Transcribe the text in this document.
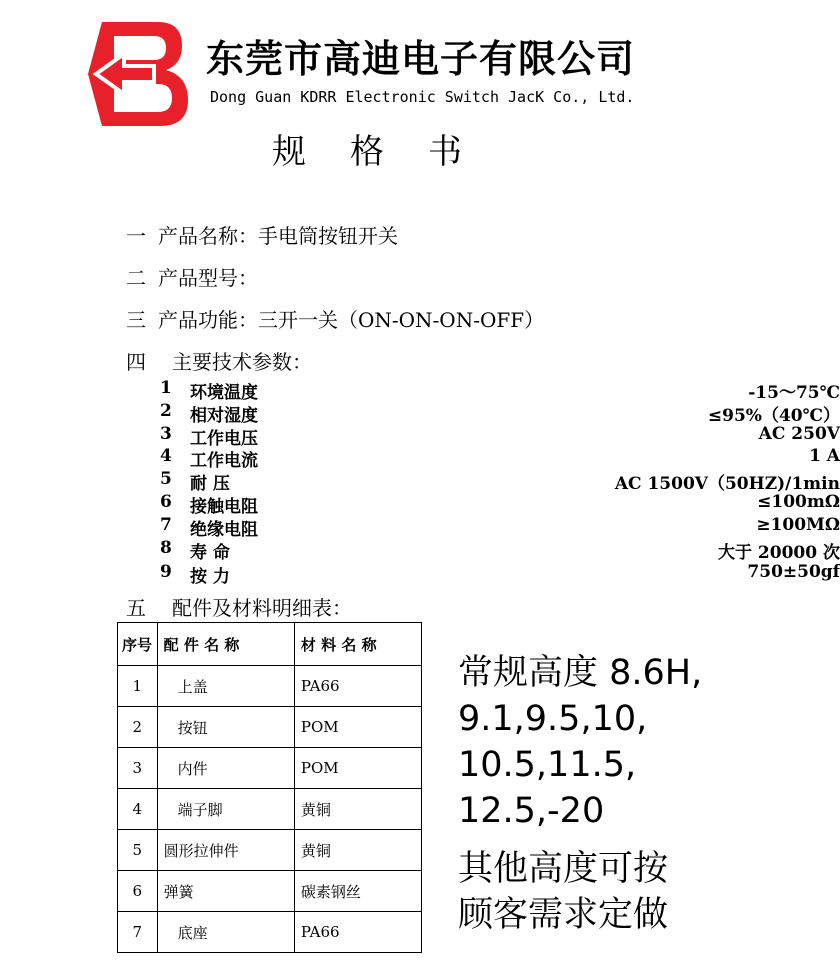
东莞市高迪电子有限公司
Dong Guan KDRR Electronic Switch JacK Co., Ltd.
规格书
一 产品名称：手电筒按钮开关
二 产品型号：
三 产品功能：三开一关（ON-ON-ON-OFF）
四 主要技术参数：
1	环境温度	-15～75℃
2	相对湿度	≤95%（40℃）
3	工作电压	AC 250V
4	工作电流	1 A
5	耐 压	AC 1500V（50HZ)/1min
6	接触电阻	≤100mΩ
7	绝缘电阻	≥100MΩ
8	寿 命	大于 20000 次
9	按 力	750±50gf
五 配件及材料明细表：
序号	配 件 名 称	材 料 名 称
1	上盖	PA66
2	按钮	POM
3	内件	POM
4	端子脚	黄铜
5	圆形拉伸件	黄铜
6	弹簧	碳素钢丝
7	底座	PA66
常规高度 8.6H,
9.1,9.5,10,
10.5,11.5,
12.5,-20
其他高度可按
顾客需求定做
